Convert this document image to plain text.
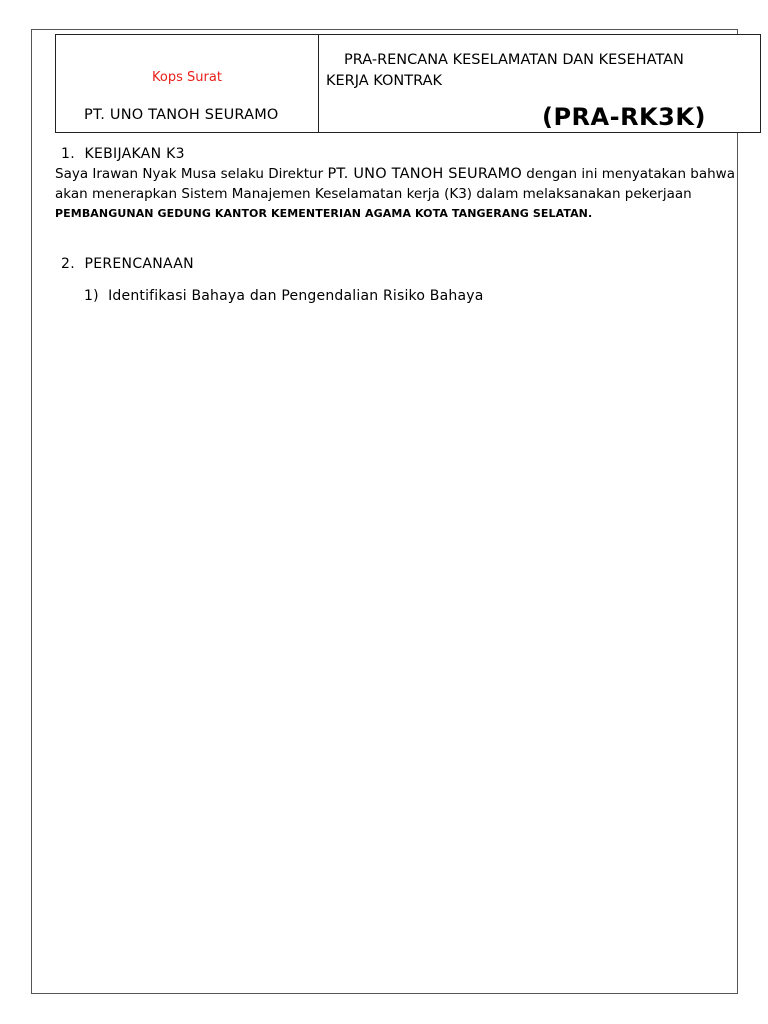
Kops Surat
PT. UNO TANOH SEURAMO
PRA-RENCANA KESELAMATAN DAN KESEHATAN
KERJA KONTRAK
(PRA-RK3K)
1. KEBIJAKAN K3
Saya Irawan Nyak Musa selaku Direktur PT. UNO TANOH SEURAMO dengan ini menyatakan bahwa akan menerapkan Sistem Manajemen Keselamatan kerja (K3) dalam melaksanakan pekerjaan PEMBANGUNAN GEDUNG KANTOR KEMENTERIAN AGAMA KOTA TANGERANG SELATAN.
2. PERENCANAAN
1) Identifikasi Bahaya dan Pengendalian Risiko Bahaya
